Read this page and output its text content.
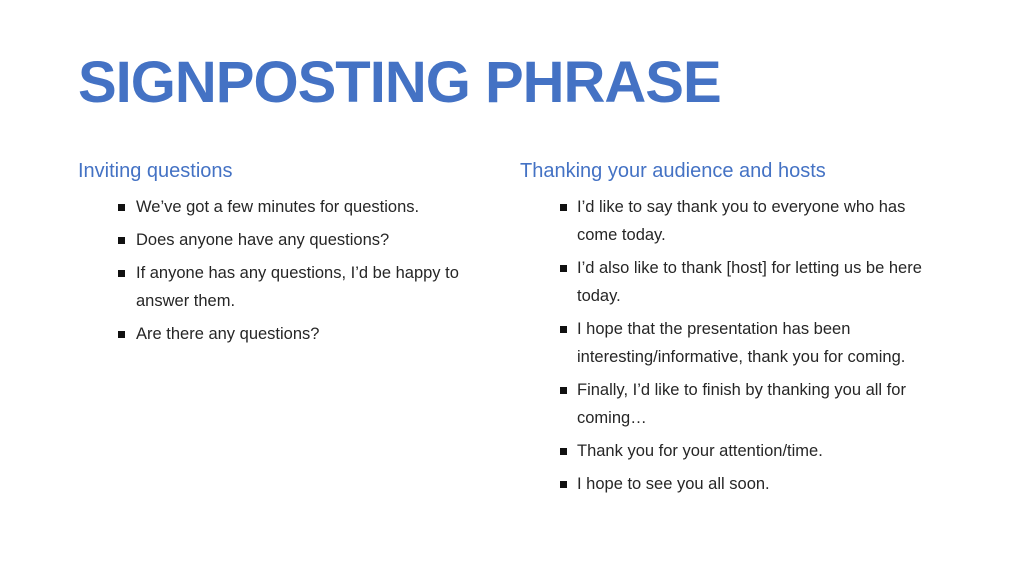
SIGNPOSTING PHRASE
Inviting questions
We’ve got a few minutes for questions.
Does anyone have any questions?
If anyone has any questions, I’d be happy to answer them.
Are there any questions?
Thanking your audience and hosts
I’d like to say thank you to everyone who has come today.
I’d also like to thank [host] for letting us be here today.
I hope that the presentation has been interesting/informative, thank you for coming.
Finally, I’d like to finish by thanking you all for coming…
Thank you for your attention/time.
I hope to see you all soon.
